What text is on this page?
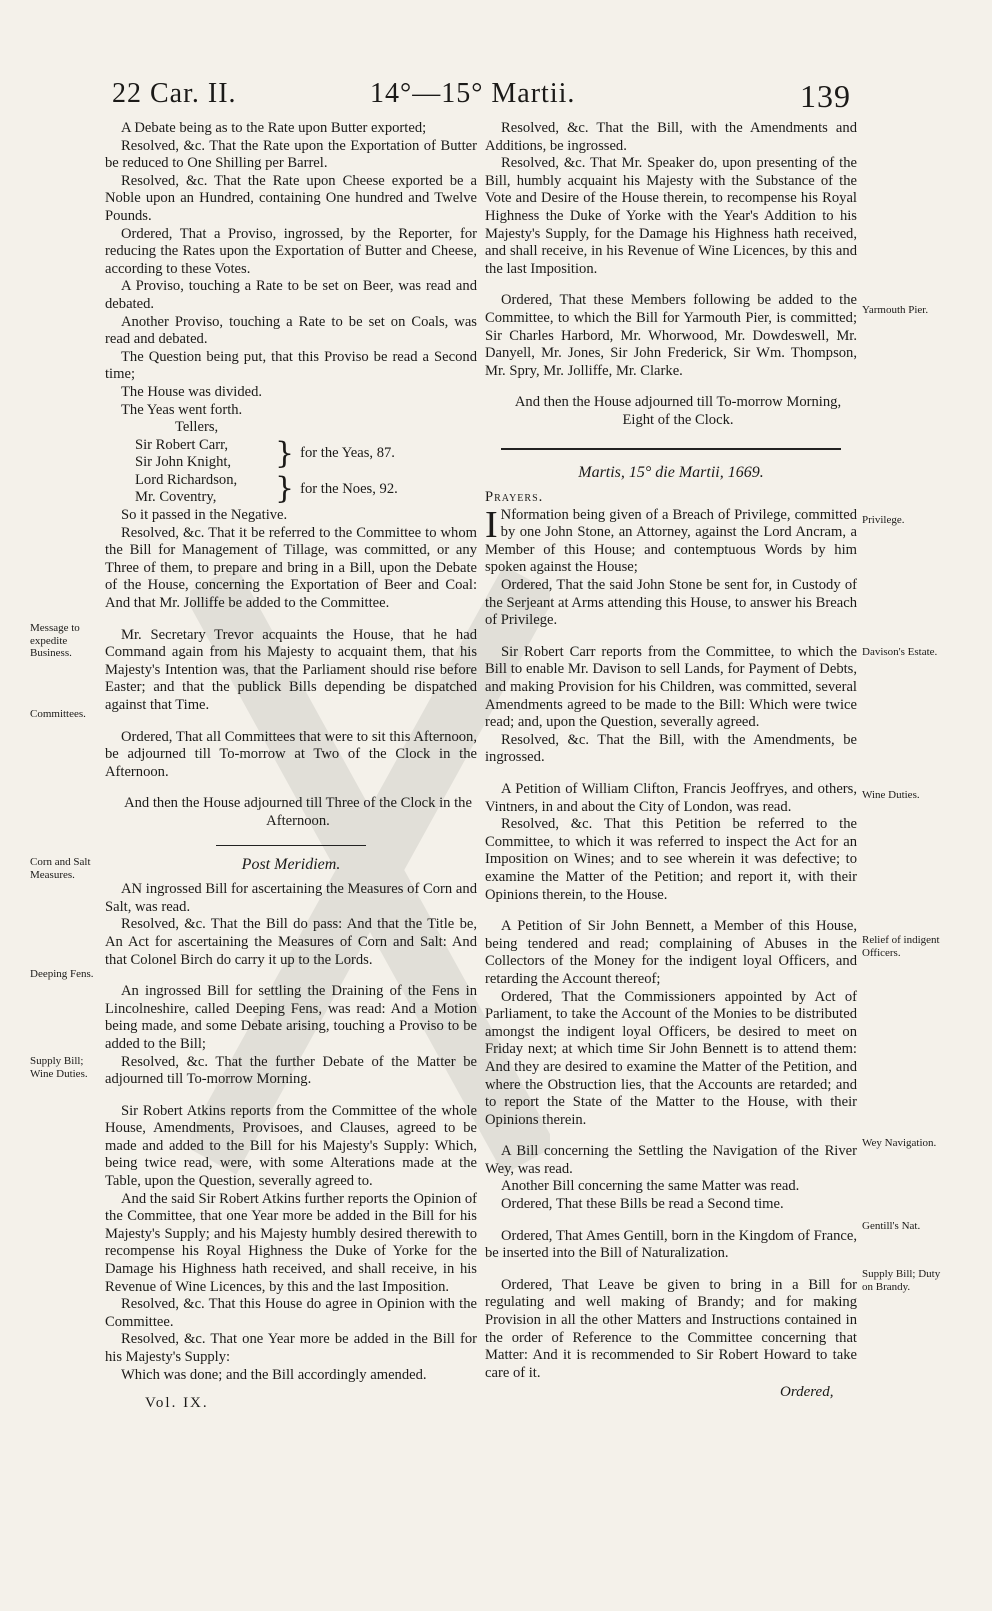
22 Car. II.	14°—15° Martii.	139

A Debate being as to the Rate upon Butter exported;

Resolved, &c. That the Rate upon the Exportation of Butter be reduced to One Shilling per Barrel.

Resolved, &c. That the Rate upon Cheese exported be a Noble upon an Hundred, containing One hundred and Twelve Pounds.

Ordered, That a Proviso, ingrossed, by the Reporter, for reducing the Rates upon the Exportation of Butter and Cheese, according to these Votes.

A Proviso, touching a Rate to be set on Beer, was read and debated.

Another Proviso, touching a Rate to be set on Coals, was read and debated.

The Question being put, that this Proviso be read a Second time;

The House was divided.

The Yeas went forth.

Tellers,
Sir Robert Carr,
Sir John Knight,	} for the Yeas, 87.
Lord Richardson,
Mr. Coventry,	} for the Noes, 92.

So it passed in the Negative.

Resolved, &c. That it be referred to the Committee to whom the Bill for Management of Tillage, was committed, or any Three of them, to prepare and bring in a Bill, upon the Debate of the House, concerning the Exportation of Beer and Coal: And that Mr. Jolliffe be added to the Committee.

Mr. Secretary Trevor acquaints the House, that he had Command again from his Majesty to acquaint them, that his Majesty's Intention was, that the Parliament should rise before Easter; and that the publick Bills depending be dispatched against that Time.

Ordered, That all Committees that were to sit this Afternoon, be adjourned till To-morrow at Two of the Clock in the Afternoon.

And then the House adjourned till Three of the Clock in the Afternoon.

Post Meridiem.

AN ingrossed Bill for ascertaining the Measures of Corn and Salt, was read.

Resolved, &c. That the Bill do pass: And that the Title be, An Act for ascertaining the Measures of Corn and Salt: And that Colonel Birch do carry it up to the Lords.

An ingrossed Bill for settling the Draining of the Fens in Lincolneshire, called Deeping Fens, was read: And a Motion being made, and some Debate arising, touching a Proviso to be added to the Bill;

Resolved, &c. That the further Debate of the Matter be adjourned till To-morrow Morning.

Sir Robert Atkins reports from the Committee of the whole House, Amendments, Provisoes, and Clauses, agreed to be made and added to the Bill for his Majesty's Supply: Which, being twice read, were, with some Alterations made at the Table, upon the Question, severally agreed to.

And the said Sir Robert Atkins further reports the Opinion of the Committee, that one Year more be added in the Bill for his Majesty's Supply; and his Majesty humbly desired therewith to recompense his Royal Highness the Duke of Yorke for the Damage his Highness hath received, and shall receive, in his Revenue of Wine Licences, by this and the last Imposition.

Resolved, &c. That this House do agree in Opinion with the Committee.

Resolved, &c. That one Year more be added in the Bill for his Majesty's Supply:

Which was done; and the Bill accordingly amended.

Vol. IX.

Resolved, &c. That the Bill, with the Amendments and Additions, be ingrossed.

Resolved, &c. That Mr. Speaker do, upon presenting of the Bill, humbly acquaint his Majesty with the Substance of the Vote and Desire of the House therein, to recompense his Royal Highness the Duke of Yorke with the Year's Addition to his Majesty's Supply, for the Damage his Highness hath received, and shall receive, in his Revenue of Wine Licences, by this and the last Imposition.

Ordered, That these Members following be added to the Committee, to which the Bill for Yarmouth Pier, is committed; Sir Charles Harbord, Mr. Whorwood, Mr. Dowdeswell, Mr. Danyell, Mr. Jones, Sir John Frederick, Sir Wm. Thompson, Mr. Spry, Mr. Jolliffe, Mr. Clarke.

And then the House adjourned till To-morrow Morning, Eight of the Clock.

Martis, 15° die Martii, 1669.

Prayers.

I Nformation being given of a Breach of Privilege, committed by one John Stone, an Attorney, against the Lord Ancram, a Member of this House; and contemptuous Words by him spoken against the House;

Ordered, That the said John Stone be sent for, in Custody of the Serjeant at Arms attending this House, to answer his Breach of Privilege.

Sir Robert Carr reports from the Committee, to which the Bill to enable Mr. Davison to sell Lands, for Payment of Debts, and making Provision for his Children, was committed, several Amendments agreed to be made to the Bill: Which were twice read; and, upon the Question, severally agreed.

Resolved, &c. That the Bill, with the Amendments, be ingrossed.

A Petition of William Clifton, Francis Jeoffryes, and others, Vintners, in and about the City of London, was read.

Resolved, &c. That this Petition be referred to the Committee, to which it was referred to inspect the Act for an Imposition on Wines; and to see wherein it was defective; to examine the Matter of the Petition; and report it, with their Opinions therein, to the House.

A Petition of Sir John Bennett, a Member of this House, being tendered and read; complaining of Abuses in the Collectors of the Money for the indigent loyal Officers, and retarding the Account thereof;

Ordered, That the Commissioners appointed by Act of Parliament, to take the Account of the Monies to be distributed amongst the indigent loyal Officers, be desired to meet on Friday next; at which time Sir John Bennett is to attend them: And they are desired to examine the Matter of the Petition, and where the Obstruction lies, that the Accounts are retarded; and to report the State of the Matter to the House, with their Opinions therein.

A Bill concerning the Settling the Navigation of the River Wey, was read.

Another Bill concerning the same Matter was read.

Ordered, That these Bills be read a Second time.

Ordered, That Ames Gentill, born in the Kingdom of France, be inserted into the Bill of Naturalization.

Ordered, That Leave be given to bring in a Bill for regulating and well making of Brandy; and for making Provision in all the other Matters and Instructions contained in the order of Reference to the Committee concerning that Matter: And it is recommended to Sir Robert Howard to take care of it.

Ordered,
Message to expedite Business.
Committees.
Corn and Salt Measures.
Deeping Fens.
Supply Bill; Wine Duties.
Yarmouth Pier.
Privilege.
Davison's Estate.
Wine Duties.
Relief of indigent Officers.
Wey Navigation.
Gentill's Nat.
Supply Bill; Duty on Brandy.
